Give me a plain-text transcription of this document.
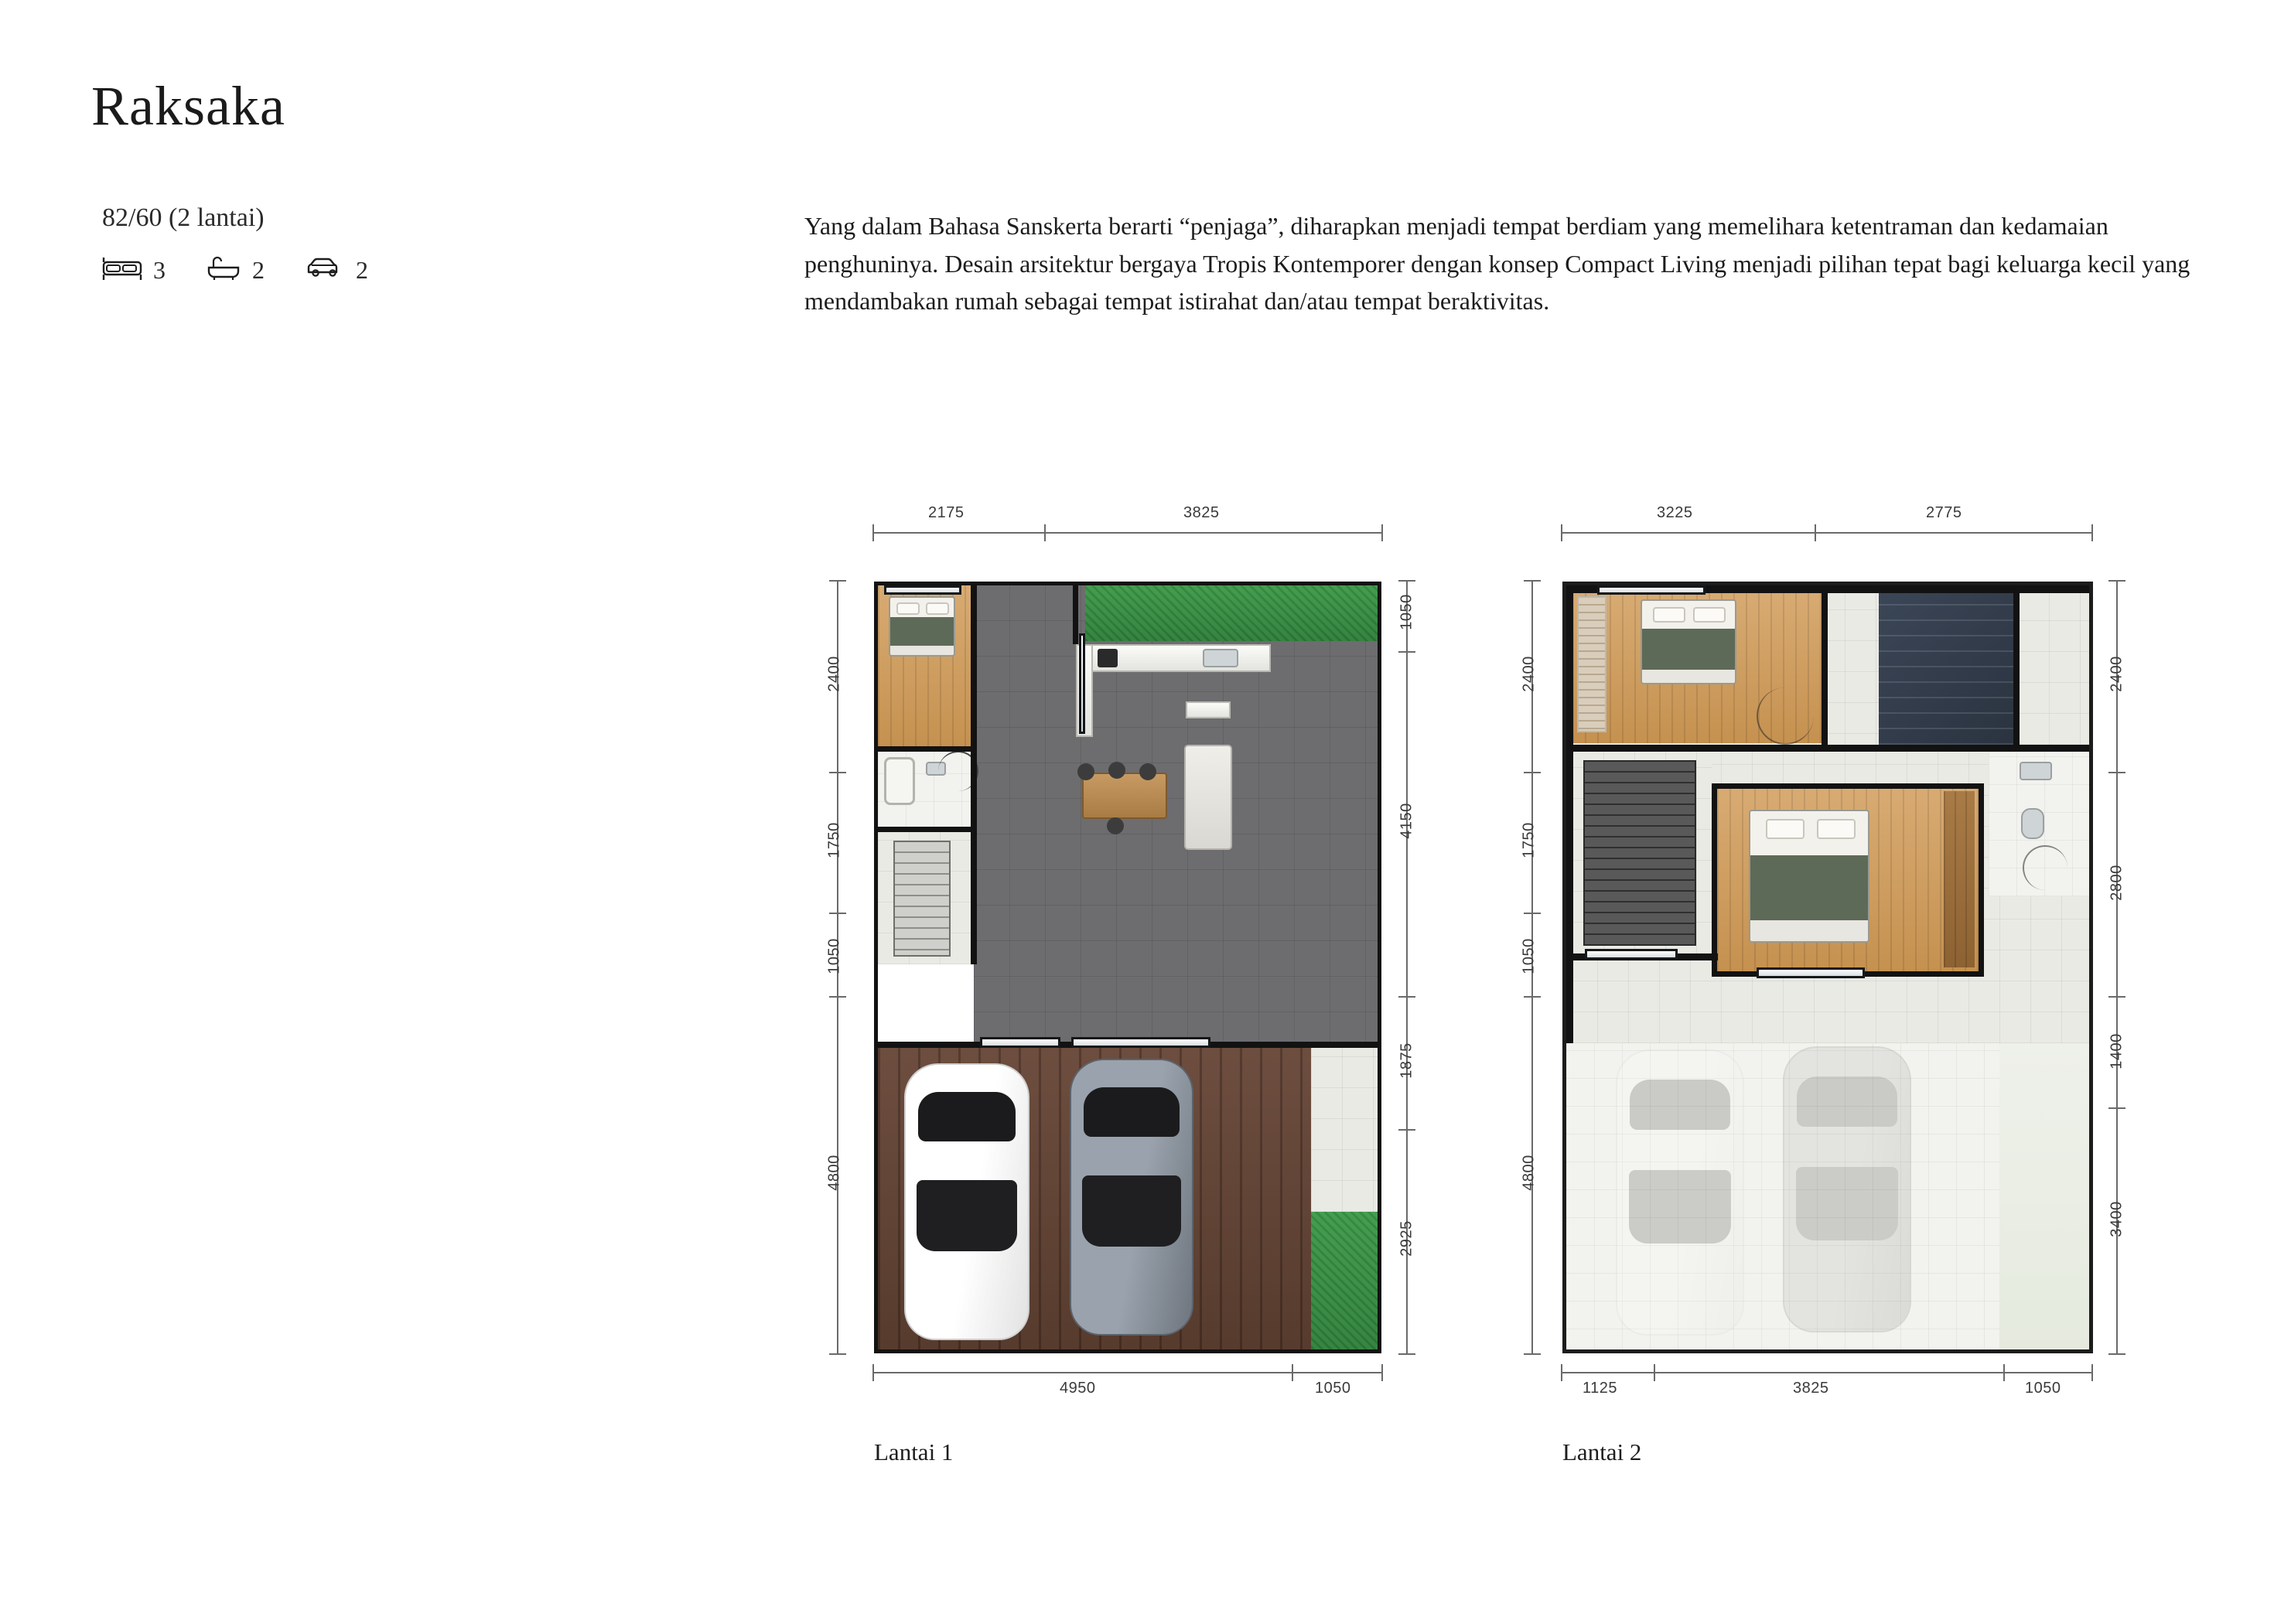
Raksaka
82/60 (2 lantai)
3	2	2
Yang dalam Bahasa Sanskerta berarti “penjaga”, diharapkan menjadi tempat berdiam yang memelihara ketentraman dan kedamaian penghuninya. Desain arsitektur bergaya Tropis Kontemporer dengan konsep Compact Living menjadi pilihan tepat bagi keluarga kecil yang mendambakan rumah sebagai tempat istirahat dan/atau tempat beraktivitas.
2175	3825
2400
1750
1050
4800
1050
4150
1875
2925
4950	1050
Lantai 1
3225	2775
2400
1750
1050
4800
2400
2800
1400
3400
1125	3825	1050
Lantai 2
